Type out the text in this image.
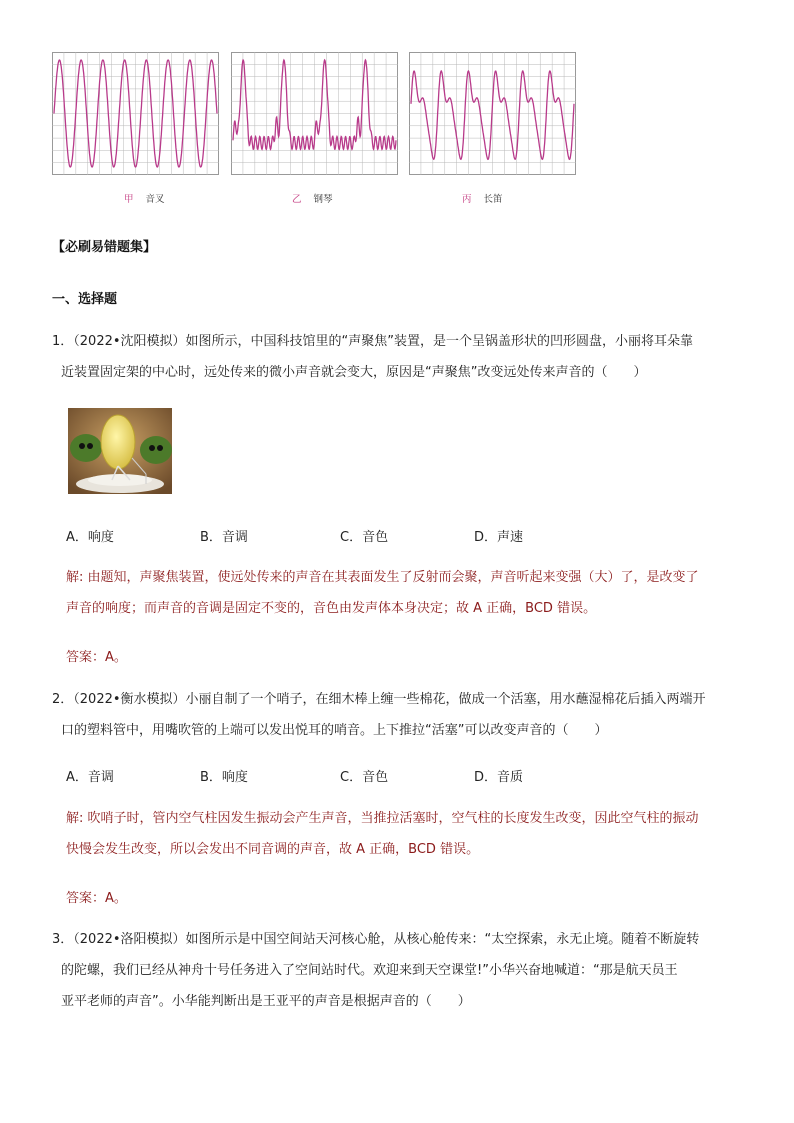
甲 音叉	乙 钢琴	丙 长笛
【必刷易错题集】
一、选择题
1．（2022•沈阳模拟）如图所示，中国科技馆里的“声聚焦”装置，是一个呈锅盖形状的凹形圆盘，小丽将耳朵靠
近装置固定架的中心时，远处传来的微小声音就会变大，原因是“声聚焦”改变远处传来声音的（　　）
A．响度	B．音调	C．音色	D．声速
解: 由题知，声聚焦装置，使远处传来的声音在其表面发生了反射而会聚，声音听起来变强（大）了，是改变了
声音的响度；而声音的音调是固定不变的，音色由发声体本身决定；故 A 正确，BCD 错误。
答案：A。
2．（2022•衡水模拟）小丽自制了一个哨子，在细木棒上缠一些棉花，做成一个活塞，用水蘸湿棉花后插入两端开
口的塑料管中，用嘴吹管的上端可以发出悦耳的哨音。上下推拉“活塞”可以改变声音的（　　）
A．音调	B．响度	C．音色	D．音质
解: 吹哨子时，管内空气柱因发生振动会产生声音，当推拉活塞时，空气柱的长度发生改变，因此空气柱的振动
快慢会发生改变，所以会发出不同音调的声音，故 A 正确，BCD 错误。
答案：A。
3．（2022•洛阳模拟）如图所示是中国空间站天河核心舱，从核心舱传来：“太空探索，永无止境。随着不断旋转
的陀螺，我们已经从神舟十号任务进入了空间站时代。欢迎来到天空课堂!”小华兴奋地喊道：“那是航天员王
亚平老师的声音”。小华能判断出是王亚平的声音是根据声音的（　　）
